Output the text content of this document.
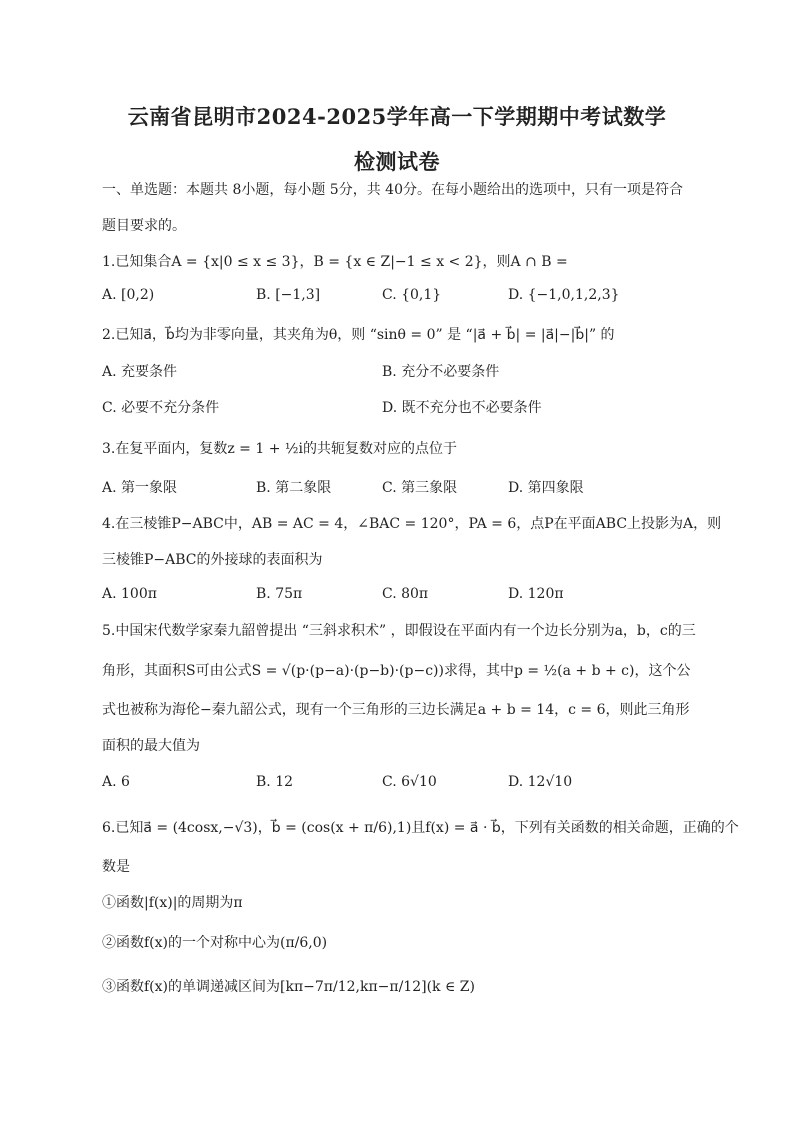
云南省昆明市2024-2025学年高一下学期期中考试数学
检测试卷
一、单选题：本题共 8小题，每小题 5分，共 40分。在每小题给出的选项中，只有一项是符合
题目要求的。
1.已知集合A = {x|0 ≤ x ≤ 3}，B = {x ∈ Z|−1 ≤ x < 2}，则A ∩ B =
A. [0,2)	B. [−1,3]	C. {0,1}	D. {−1,0,1,2,3}
2.已知a⃗，b⃗均为非零向量，其夹角为θ，则 “sinθ = 0” 是 “|a⃗ + b⃗| = |a⃗|−|b⃗|” 的
A. 充要条件	B. 充分不必要条件
C. 必要不充分条件	D. 既不充分也不必要条件
3.在复平面内，复数z = 1 + ½i的共轭复数对应的点位于
A. 第一象限	B. 第二象限	C. 第三象限	D. 第四象限
4.在三棱锥P−ABC中，AB = AC = 4，∠BAC = 120°，PA = 6，点P在平面ABC上投影为A，则
三棱锥P−ABC的外接球的表面积为
A. 100π	B. 75π	C. 80π	D. 120π
5.中国宋代数学家秦九韶曾提出 “三斜求积术” ，即假设在平面内有一个边长分别为a，b，c的三
角形，其面积S可由公式S = √(p·(p−a)·(p−b)·(p−c))求得，其中p = ½(a + b + c)，这个公
式也被称为海伦−秦九韶公式，现有一个三角形的三边长满足a + b = 14，c = 6，则此三角形
面积的最大值为
A. 6	B. 12	C. 6√10	D. 12√10
6.已知a⃗ = (4cosx,−√3)，b⃗ = (cos(x + π/6),1)且f(x) = a⃗ · b⃗，下列有关函数的相关命题，正确的个
数是
①函数|f(x)|的周期为π
②函数f(x)的一个对称中心为(π/6,0)
③函数f(x)的单调递减区间为[kπ−7π/12,kπ−π/12](k ∈ Z)
